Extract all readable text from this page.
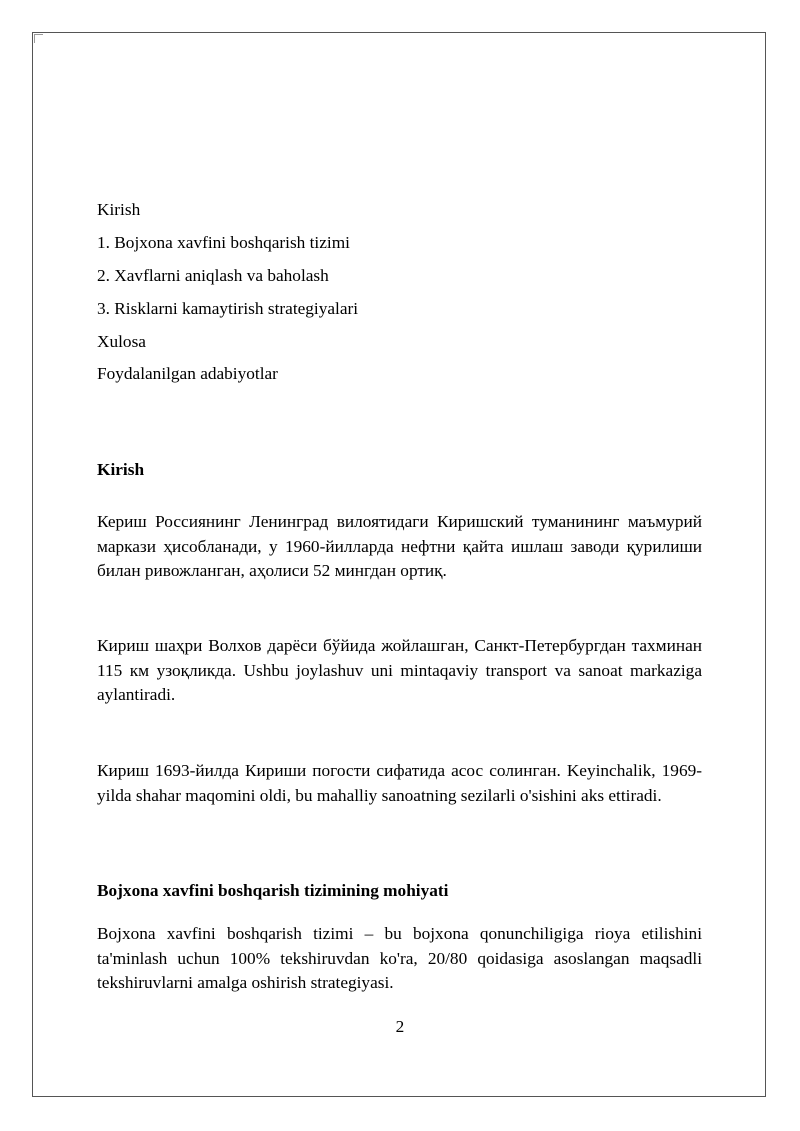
Kirish

1. Bojxona xavfini boshqarish tizimi

2. Xavflarni aniqlash va baholash

3. Risklarni kamaytirish strategiyalari

Xulosa

Foydalanilgan adabiyotlar

Kirish

Кериш Россиянинг Ленинград вилоятидаги Киришский туманининг маъмурий маркази ҳисобланади, у 1960-йилларда нефтни қайта ишлаш заводи қурилиши билан ривожланган, аҳолиси 52 мингдан ортиқ.

Кириш шаҳри Волхов дарёси бўйида жойлашган, Санкт-Петербургдан тахминан 115 км узоқликда. Ushbu joylashuv uni mintaqaviy transport va sanoat markaziga aylantiradi.

Кириш 1693-йилда Кириши погости сифатида асос солинган. Keyinchalik, 1969-yilda shahar maqomini oldi, bu mahalliy sanoatning sezilarli o'sishini aks ettiradi.

Bojxona xavfini boshqarish tizimining mohiyati

Bojxona xavfini boshqarish tizimi – bu bojxona qonunchiligiga rioya etilishini ta'minlash uchun 100% tekshiruvdan ko'ra, 20/80 qoidasiga asoslangan maqsadli tekshiruvlarni amalga oshirish strategiyasi.

2
